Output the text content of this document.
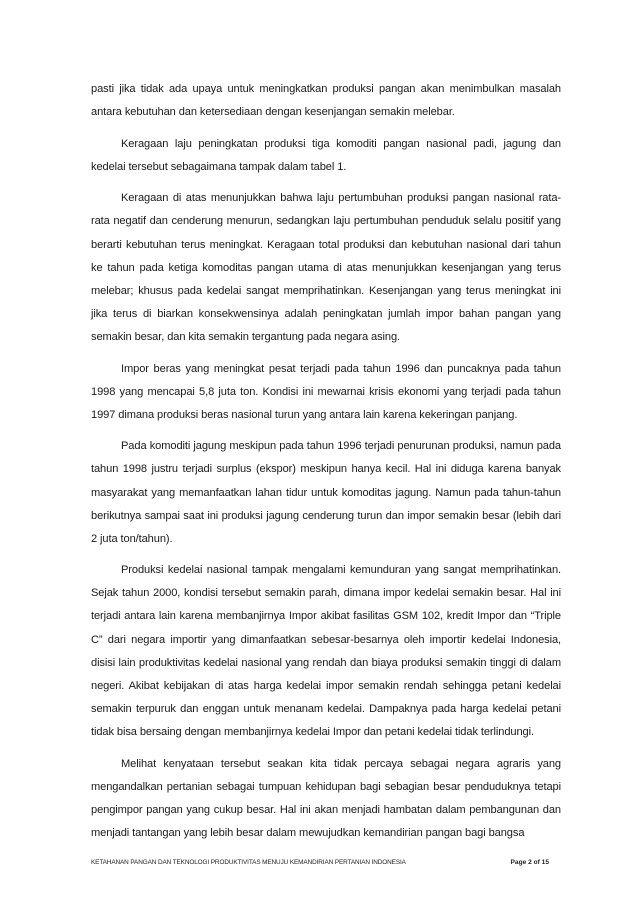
pasti jika tidak ada upaya untuk meningkatkan produksi pangan akan menimbulkan masalah antara kebutuhan dan ketersediaan dengan kesenjangan semakin melebar.

Keragaan laju peningkatan produksi tiga komoditi pangan nasional padi, jagung dan kedelai tersebut sebagaimana tampak dalam tabel 1.

Keragaan di atas menunjukkan bahwa laju pertumbuhan produksi pangan nasional rata-rata negatif dan cenderung menurun, sedangkan laju pertumbuhan penduduk selalu positif yang berarti kebutuhan terus meningkat. Keragaan total produksi dan kebutuhan nasional dari tahun ke tahun pada ketiga komoditas pangan utama di atas menunjukkan kesenjangan yang terus melebar; khusus pada kedelai sangat memprihatinkan. Kesenjangan yang terus meningkat ini jika terus di biarkan konsekwensinya adalah peningkatan jumlah impor bahan pangan yang semakin besar, dan kita semakin tergantung pada negara asing.

Impor beras yang meningkat pesat terjadi pada tahun 1996 dan puncaknya pada tahun 1998 yang mencapai 5,8 juta ton. Kondisi ini mewarnai krisis ekonomi yang terjadi pada tahun 1997 dimana produksi beras nasional turun yang antara lain karena kekeringan panjang.

Pada komoditi jagung meskipun pada tahun 1996 terjadi penurunan produksi, namun pada tahun 1998 justru terjadi surplus (ekspor) meskipun hanya kecil. Hal ini diduga karena banyak masyarakat yang memanfaatkan lahan tidur untuk komoditas jagung. Namun pada tahun-tahun berikutnya sampai saat ini produksi jagung cenderung turun dan impor semakin besar (lebih dari 2 juta ton/tahun).

Produksi kedelai nasional tampak mengalami kemunduran yang sangat memprihatinkan. Sejak tahun 2000, kondisi tersebut semakin parah, dimana impor kedelai semakin besar. Hal ini terjadi antara lain karena membanjirnya Impor akibat fasilitas GSM 102, kredit Impor dan “Triple C” dari negara importir yang dimanfaatkan sebesar-besarnya oleh importir kedelai Indonesia, disisi lain produktivitas kedelai nasional yang rendah dan biaya produksi semakin tinggi di dalam negeri. Akibat kebijakan di atas harga kedelai impor semakin rendah sehingga petani kedelai semakin terpuruk dan enggan untuk menanam kedelai. Dampaknya pada harga kedelai petani tidak bisa bersaing dengan membanjirnya kedelai Impor dan petani kedelai tidak terlindungi.

Melihat kenyataan tersebut seakan kita tidak percaya sebagai negara agraris yang mengandalkan pertanian sebagai tumpuan kehidupan bagi sebagian besar penduduknya tetapi pengimpor pangan yang cukup besar. Hal ini akan menjadi hambatan dalam pembangunan dan menjadi tantangan yang lebih besar dalam mewujudkan kemandirian pangan bagi bangsa

KETAHANAN PANGAN DAN TEKNOLOGI PRODUKTIVITAS MENUJU KEMANDIRIAN PERTANIAN INDONESIA	Page 2 of 15
